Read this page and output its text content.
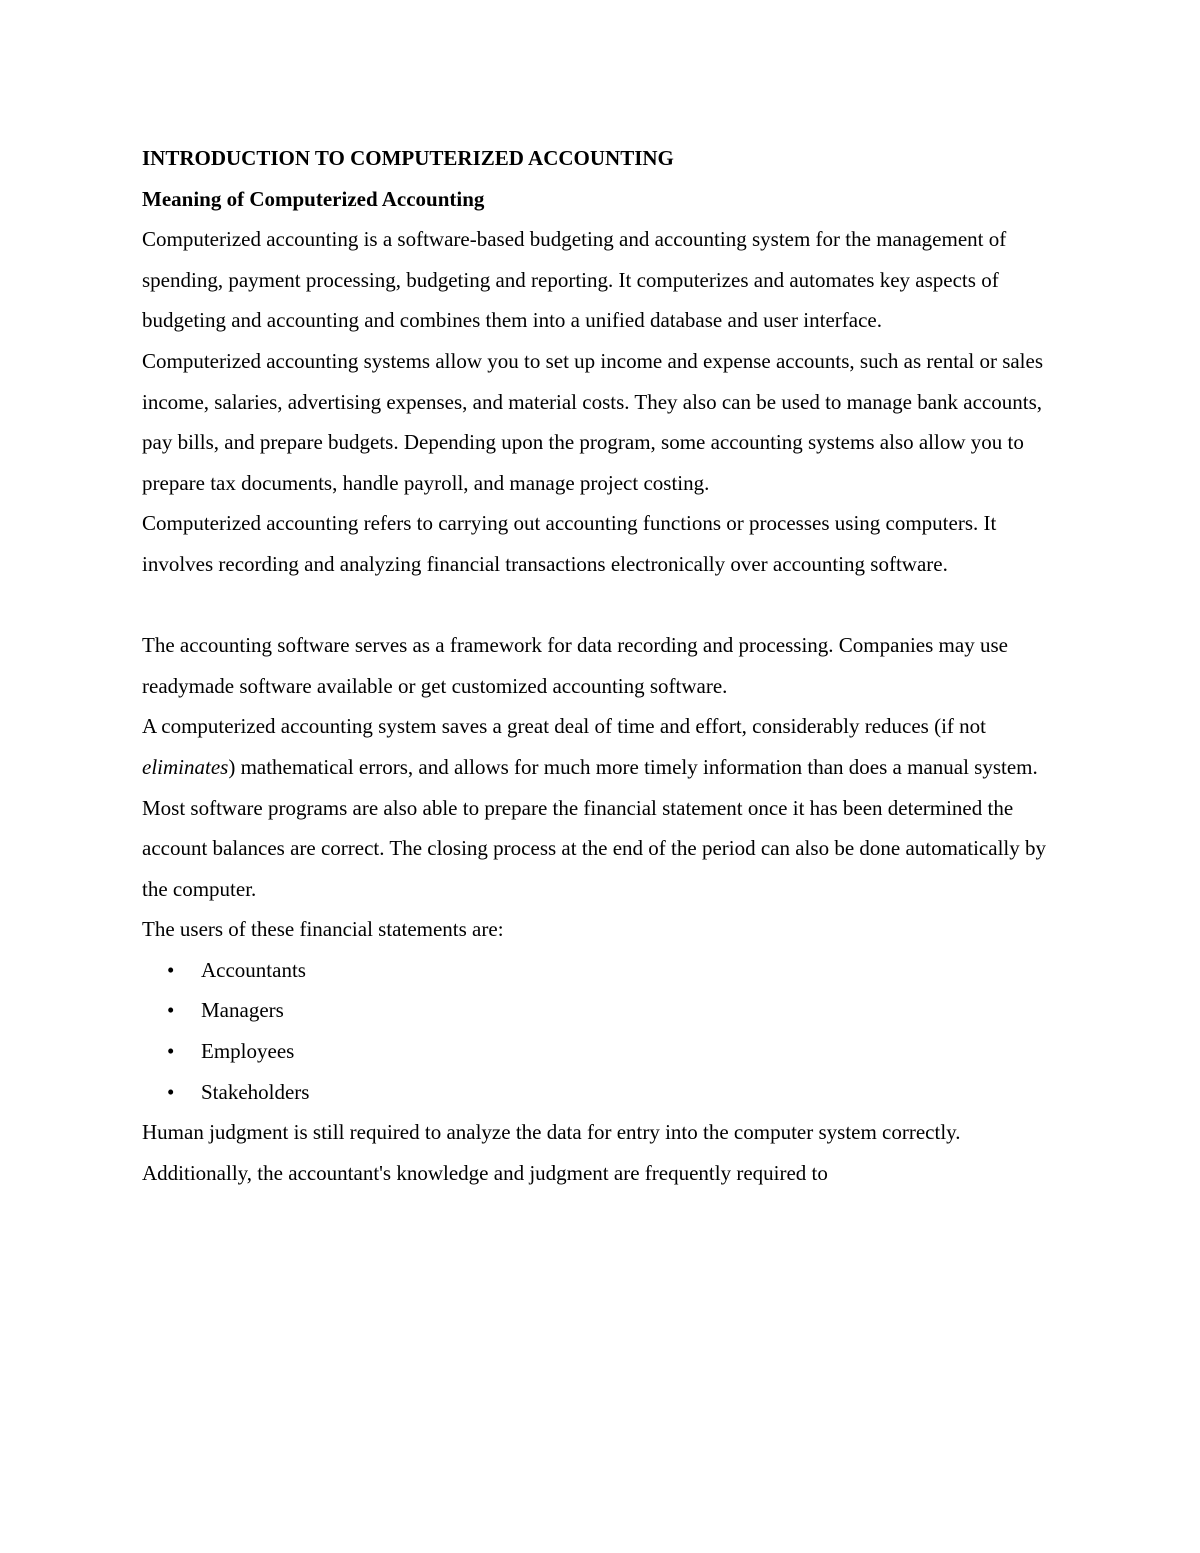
INTRODUCTION TO COMPUTERIZED ACCOUNTING
Meaning of Computerized Accounting

Computerized accounting is a software-based budgeting and accounting system for the management of spending, payment processing, budgeting and reporting. It computerizes and automates key aspects of budgeting and accounting and combines them into a unified database and user interface.

Computerized accounting systems allow you to set up income and expense accounts, such as rental or sales income, salaries, advertising expenses, and material costs. They also can be used to manage bank accounts, pay bills, and prepare budgets. Depending upon the program, some accounting systems also allow you to prepare tax documents, handle payroll, and manage project costing.

Computerized accounting refers to carrying out accounting functions or processes using computers. It involves recording and analyzing financial transactions electronically over accounting software.

The accounting software serves as a framework for data recording and processing. Companies may use readymade software available or get customized accounting software.

A computerized accounting system saves a great deal of time and effort, considerably reduces (if not eliminates) mathematical errors, and allows for much more timely information than does a manual system.

Most software programs are also able to prepare the financial statement once it has been determined the account balances are correct. The closing process at the end of the period can also be done automatically by the computer.

The users of these financial statements are:

• Accountants
• Managers
• Employees
• Stakeholders

Human judgment is still required to analyze the data for entry into the computer system correctly. Additionally, the accountant's knowledge and judgment are frequently required to
